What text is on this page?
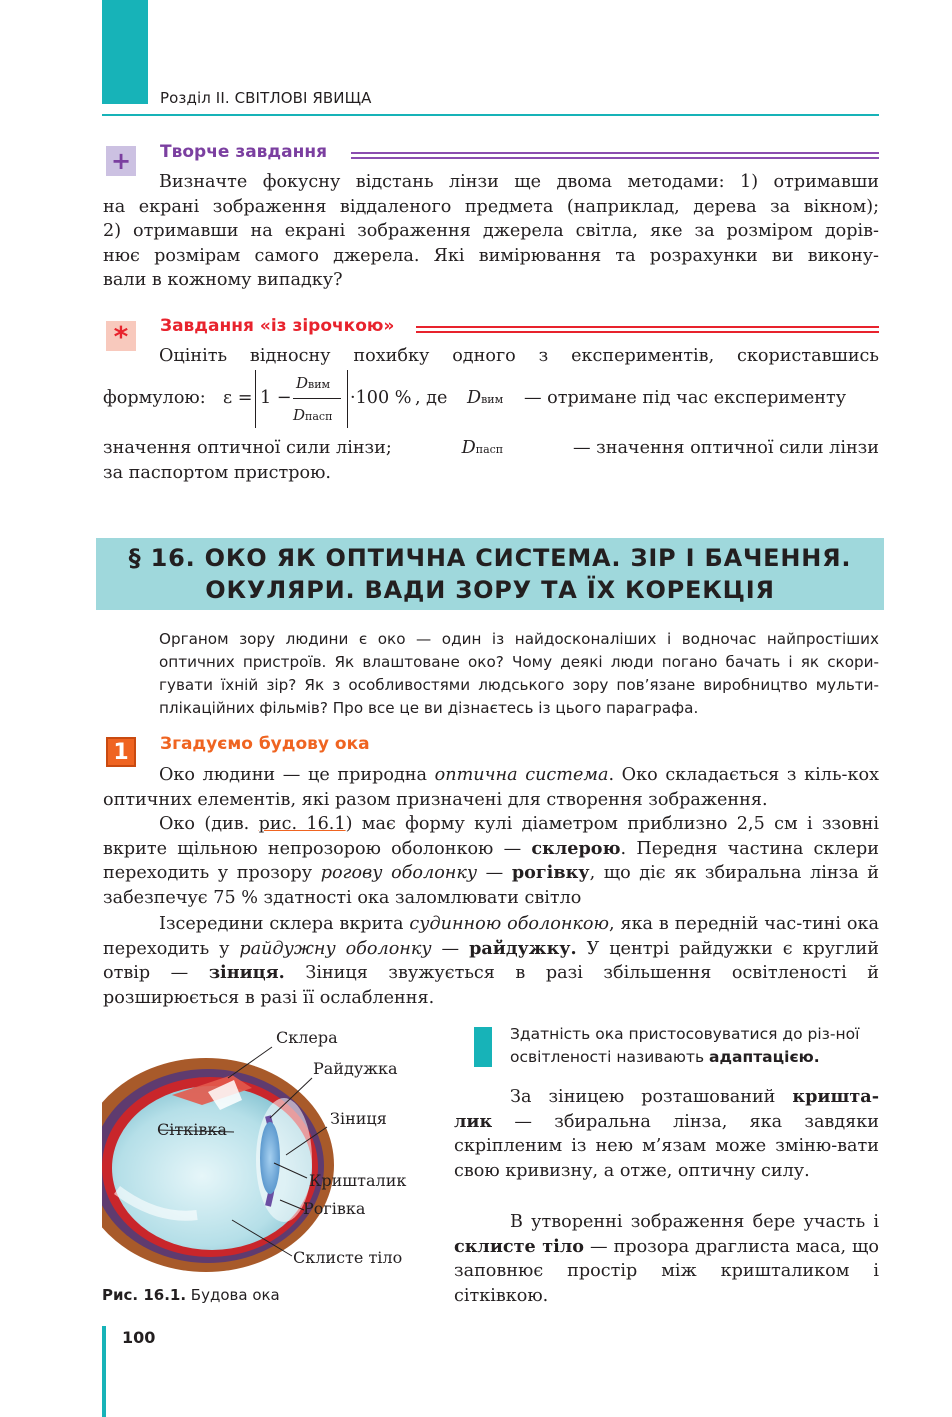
Розділ ІІ. СВІТЛОВІ ЯВИЩА
+ Творче завдання
Визначте фокусну відстань лінзи ще двома методами: 1) отримавши
на екрані зображення віддаленого предмета (наприклад, дерева за вікном);
2) отримавши на екрані зображення джерела світла, яке за розміром дорів-
нює розмірам самого джерела. Які вимірювання та розрахунки ви викону-
вали в кожному випадку?
*	Завдання «із зірочкою»
Оцініть відносну похибку одного з експериментів, скориставшись
формулою: ε = 1 −
Dвим
Dпасп
·100 % , де Dвим — отримане під час експерименту
значення оптичної сили лінзи;	Dпасп	— значення оптичної сили лінзи
за паспортом пристрою.
§ 16. ОКО ЯК ОПТИЧНА СИСТЕМА. ЗІР І БАЧЕННЯ.
ОКУЛЯРИ. ВАДИ ЗОРУ ТА ЇХ КОРЕКЦІЯ
Органом зору людини є око — один із найдосконаліших і водночас найпростіших оптичних пристроїв. Як влаштоване око? Чому деякі люди погано бачать і як скори-гувати їхній зір? Як з особливостями людського зору пов’язане виробництво мульти-плікаційних фільмів? Про все це ви дізнаєтесь із цього параграфа.
1	Згадуємо будову ока
Око людини — це природна оптична система. Око складається з кіль-кох оптичних елементів, які разом призначені для створення зображення.
Око (див. рис. 16.1) має форму кулі діаметром приблизно 2,5 см і ззовні вкрите щільною непрозорою оболонкою — склерою. Передня частина склери переходить у прозору рогову оболонку — рогівку, що діє як збиральна лінза й забезпечує 75 % здатності ока заломлювати світло
Ізсередини склера вкрита судинною оболонкою, яка в передній час-тині ока переходить у райдужну оболонку — райдужку. У центрі райдужки є круглий отвір — зіниця. Зіниця звужується в разі збільшення освітленості й розширюється в разі її ослаблення.
Склера
Райдужка
Зіниця
Сітківка
Кришталик
Рогівка
Склисте тіло
Рис. 16.1. Будова ока
Здатність ока пристосовуватися до різ-ної освітленості називають адаптацією.
За зіницею розташований кришта-лик — збиральна лінза, яка завдяки скріпленим із нею м’язам може зміню-вати свою кривизну, а отже, оптичну силу.
В утворенні зображення бере участь і склисте тіло — прозора драглиста маса, що заповнює простір між кришталиком і сітківкою.
100
